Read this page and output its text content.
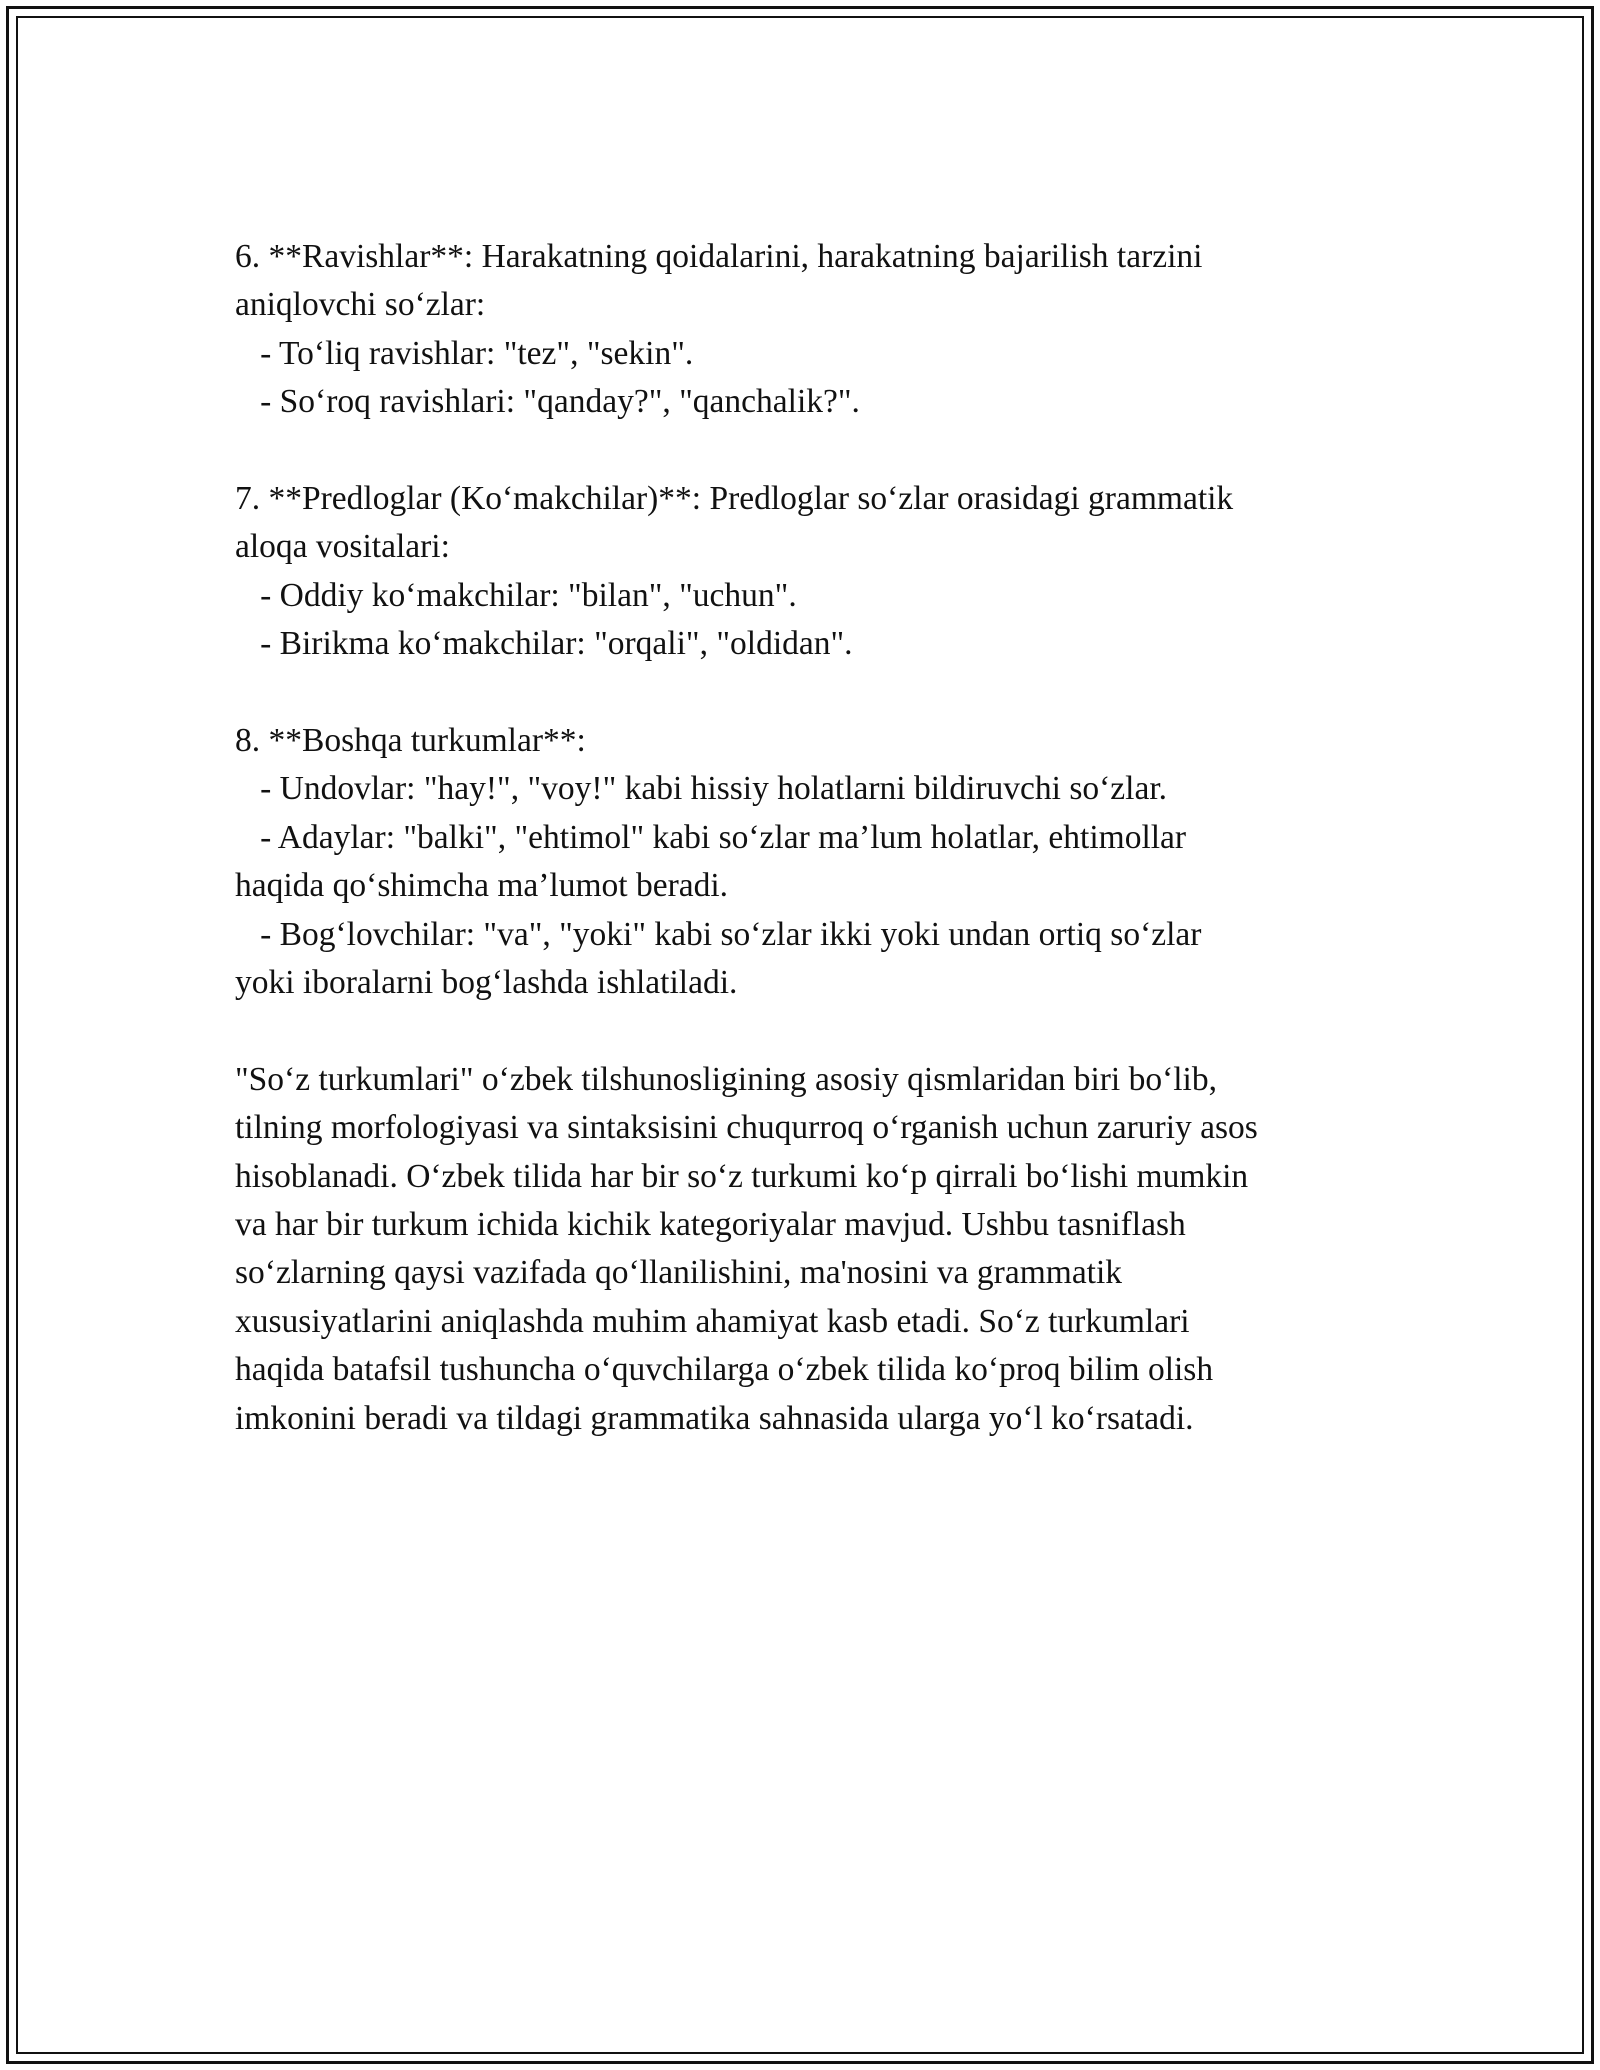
6. **Ravishlar**: Harakatning qoidalarini, harakatning bajarilish tarzini
aniqlovchi so‘zlar:
- To‘liq ravishlar: "tez", "sekin".
- So‘roq ravishlari: "qanday?", "qanchalik?".
7. **Predloglar (Ko‘makchilar)**: Predloglar so‘zlar orasidagi grammatik
aloqa vositalari:
- Oddiy ko‘makchilar: "bilan", "uchun".
- Birikma ko‘makchilar: "orqali", "oldidan".
8. **Boshqa turkumlar**:
- Undovlar: "hay!", "voy!" kabi hissiy holatlarni bildiruvchi so‘zlar.
- Adaylar: "balki", "ehtimol" kabi so‘zlar ma’lum holatlar, ehtimollar
haqida qo‘shimcha ma’lumot beradi.
- Bog‘lovchilar: "va", "yoki" kabi so‘zlar ikki yoki undan ortiq so‘zlar
yoki iboralarni bog‘lashda ishlatiladi.
"So‘z turkumlari" o‘zbek tilshunosligining asosiy qismlaridan biri bo‘lib,
tilning morfologiyasi va sintaksisini chuqurroq o‘rganish uchun zaruriy asos
hisoblanadi. O‘zbek tilida har bir so‘z turkumi ko‘p qirrali bo‘lishi mumkin
va har bir turkum ichida kichik kategoriyalar mavjud. Ushbu tasniflash
so‘zlarning qaysi vazifada qo‘llanilishini, ma'nosini va grammatik
xususiyatlarini aniqlashda muhim ahamiyat kasb etadi. So‘z turkumlari
haqida batafsil tushuncha o‘quvchilarga o‘zbek tilida ko‘proq bilim olish
imkonini beradi va tildagi grammatika sahnasida ularga yo‘l ko‘rsatadi.
